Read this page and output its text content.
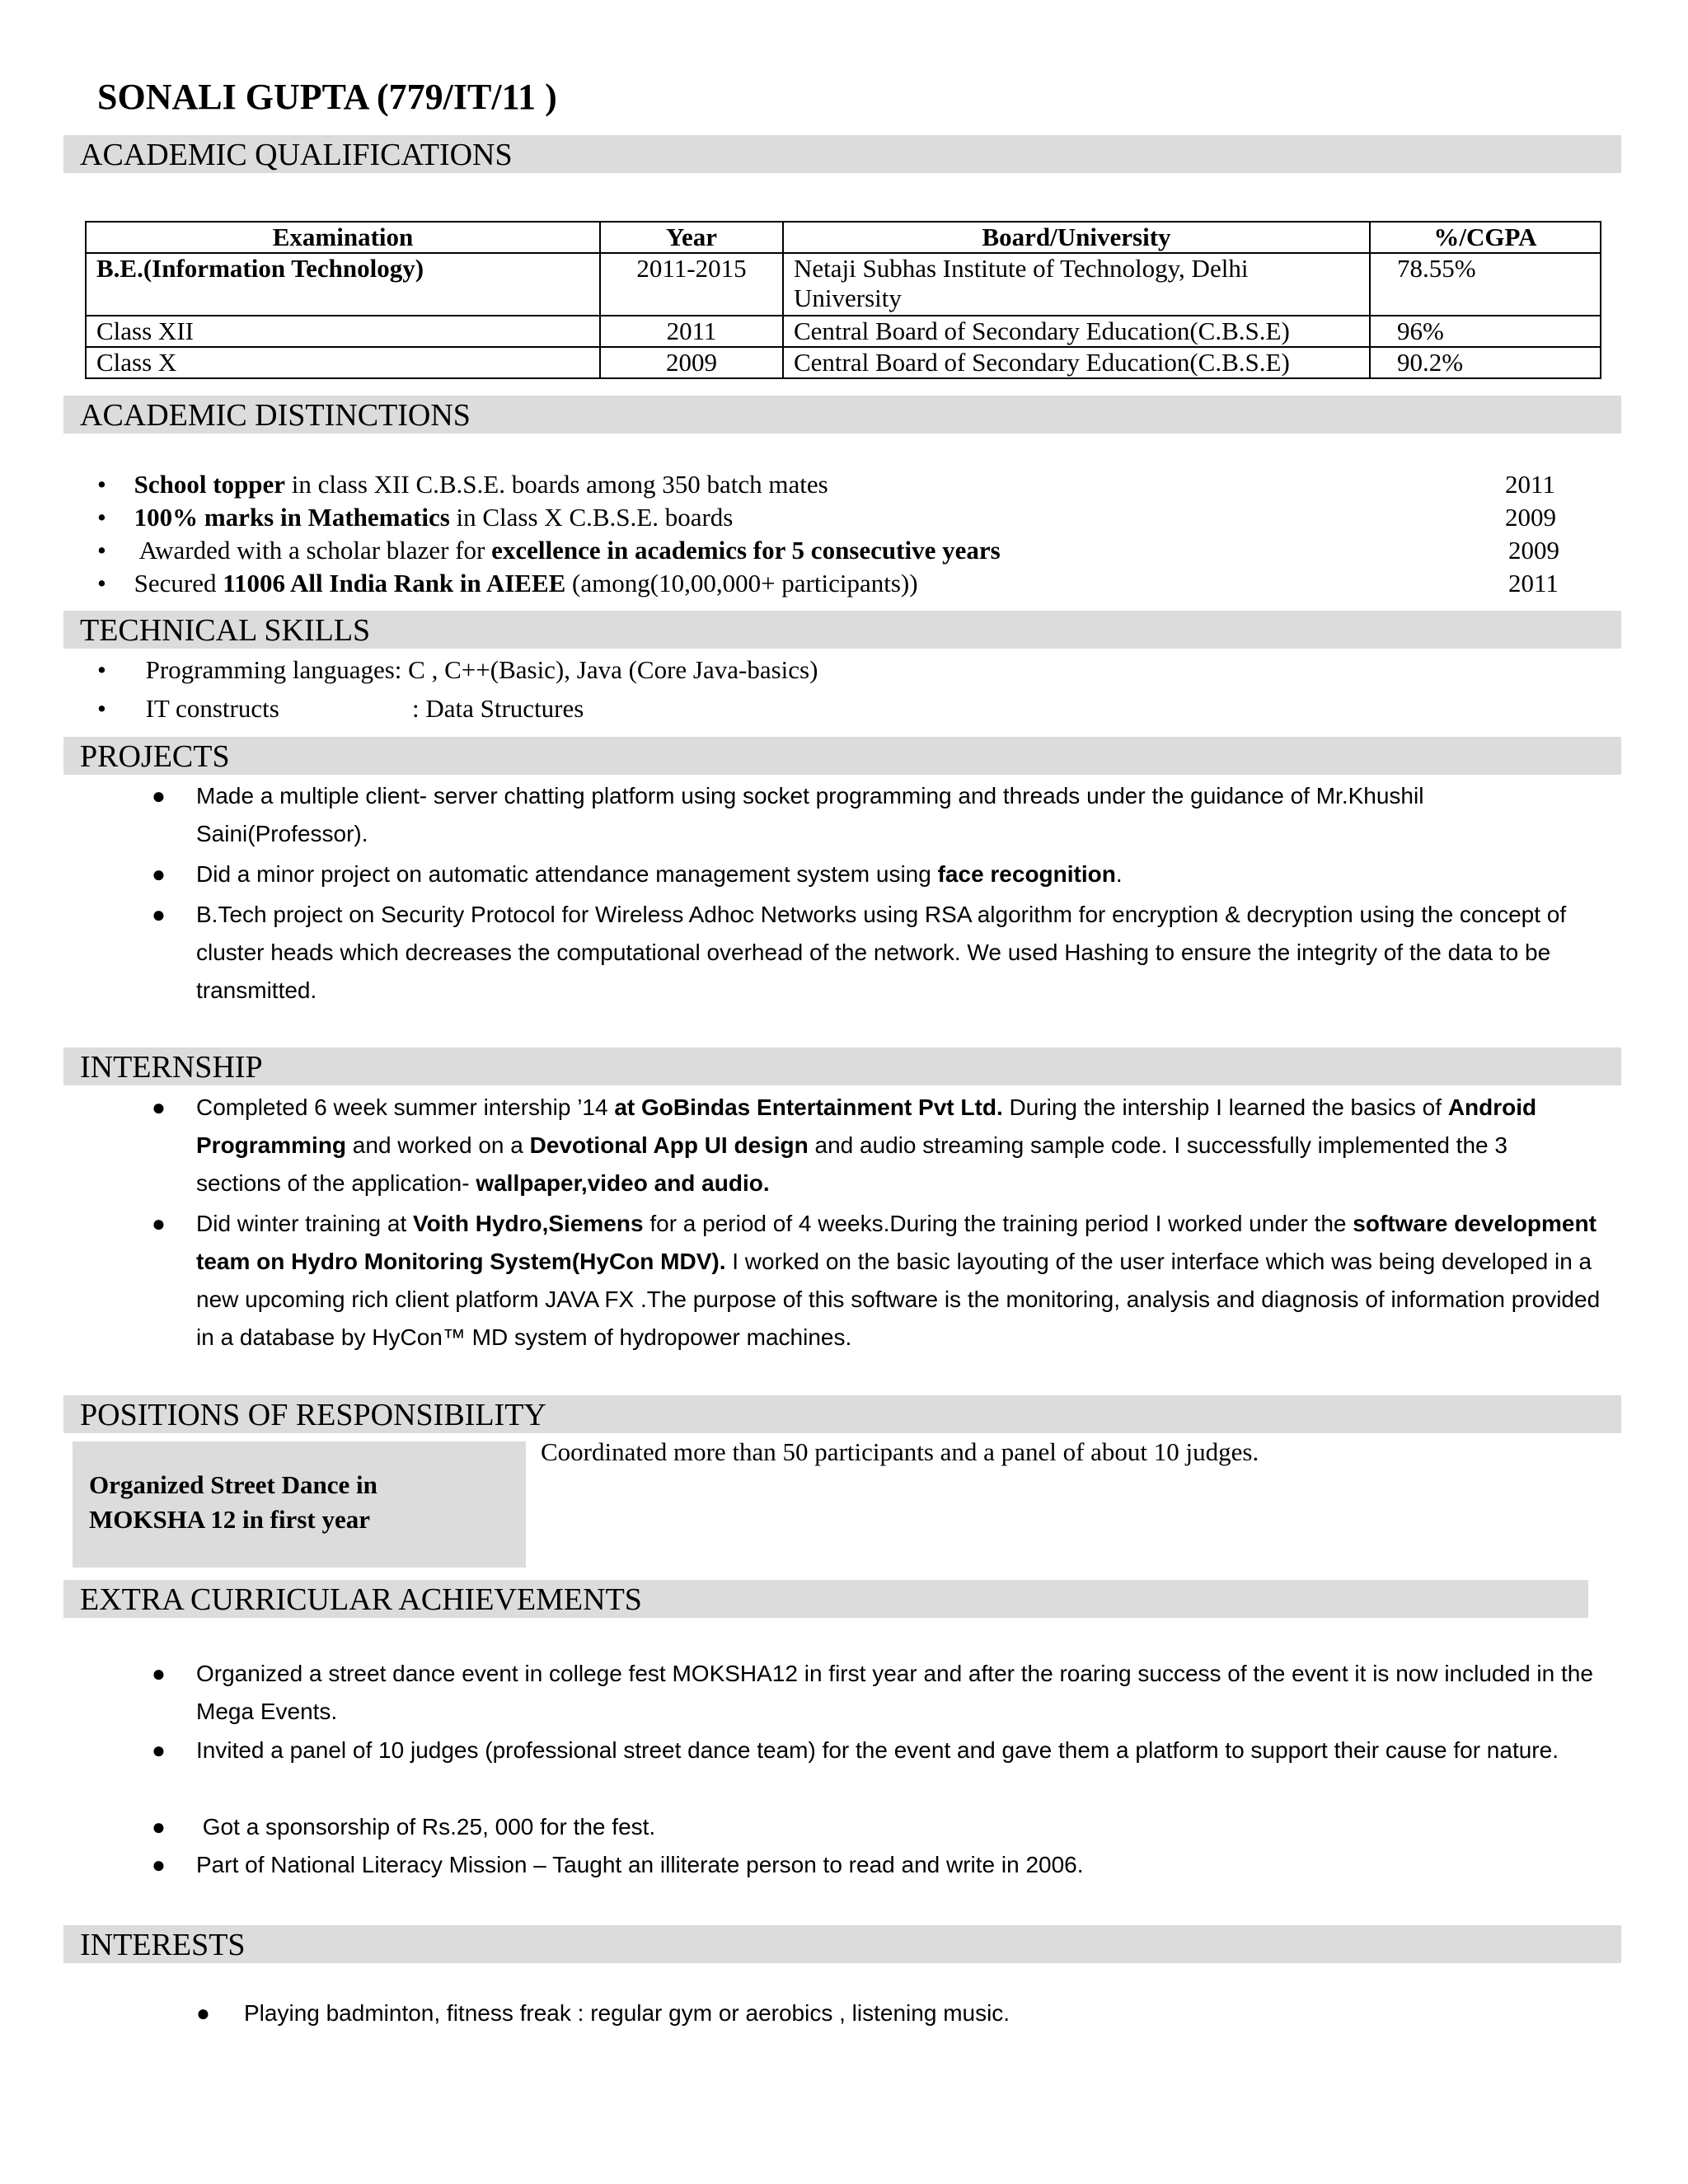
SONALI GUPTA (779/IT/11 )
ACADEMIC QUALIFICATIONS
Examination	Year	Board/University	%/CGPA
B.E.(Information Technology)	2011-2015	Netaji Subhas Institute of Technology, Delhi University	78.55%
Class XII	2011	Central Board of Secondary Education(C.B.S.E)	96%
Class X	2009	Central Board of Secondary Education(C.B.S.E)	90.2%
ACADEMIC DISTINCTIONS
• School topper in class XII C.B.S.E. boards among 350 batch mates	2011
• 100% marks in Mathematics in Class X C.B.S.E. boards	2009
• Awarded with a scholar blazer for excellence in academics for 5 consecutive years	2009
• Secured 11006 All India Rank in AIEEE (among(10,00,000+ participants))	2011
TECHNICAL SKILLS
• Programming languages: C , C++(Basic), Java (Core Java-basics)
• IT constructs	: Data Structures
PROJECTS
● Made a multiple client- server chatting platform using socket programming and threads under the guidance of Mr.Khushil Saini(Professor).
● Did a minor project on automatic attendance management system using face recognition.
● B.Tech project on Security Protocol for Wireless Adhoc Networks using RSA algorithm for encryption & decryption using the concept of cluster heads which decreases the computational overhead of the network. We used Hashing to ensure the integrity of the data to be transmitted.
INTERNSHIP
● Completed 6 week summer intership ’14 at GoBindas Entertainment Pvt Ltd. During the intership I learned the basics of Android Programming and worked on a Devotional App UI design and audio streaming sample code. I successfully implemented the 3 sections of the application- wallpaper,video and audio.
● Did winter training at Voith Hydro,Siemens for a period of 4 weeks.During the training period I worked under the software development team on Hydro Monitoring System(HyCon MDV). I worked on the basic layouting of the user interface which was being developed in a new upcoming rich client platform JAVA FX .The purpose of this software is the monitoring, analysis and diagnosis of information provided in a database by HyCon™ MD system of hydropower machines.
POSITIONS OF RESPONSIBILITY
Organized Street Dance in MOKSHA 12 in first year
Coordinated more than 50 participants and a panel of about 10 judges.
EXTRA CURRICULAR ACHIEVEMENTS
● Organized a street dance event in college fest MOKSHA12 in first year and after the roaring success of the event it is now included in the Mega Events.
● Invited a panel of 10 judges (professional street dance team) for the event and gave them a platform to support their cause for nature.
● Got a sponsorship of Rs.25, 000 for the fest.
● Part of National Literacy Mission – Taught an illiterate person to read and write in 2006.
INTERESTS
● Playing badminton, fitness freak : regular gym or aerobics , listening music.
